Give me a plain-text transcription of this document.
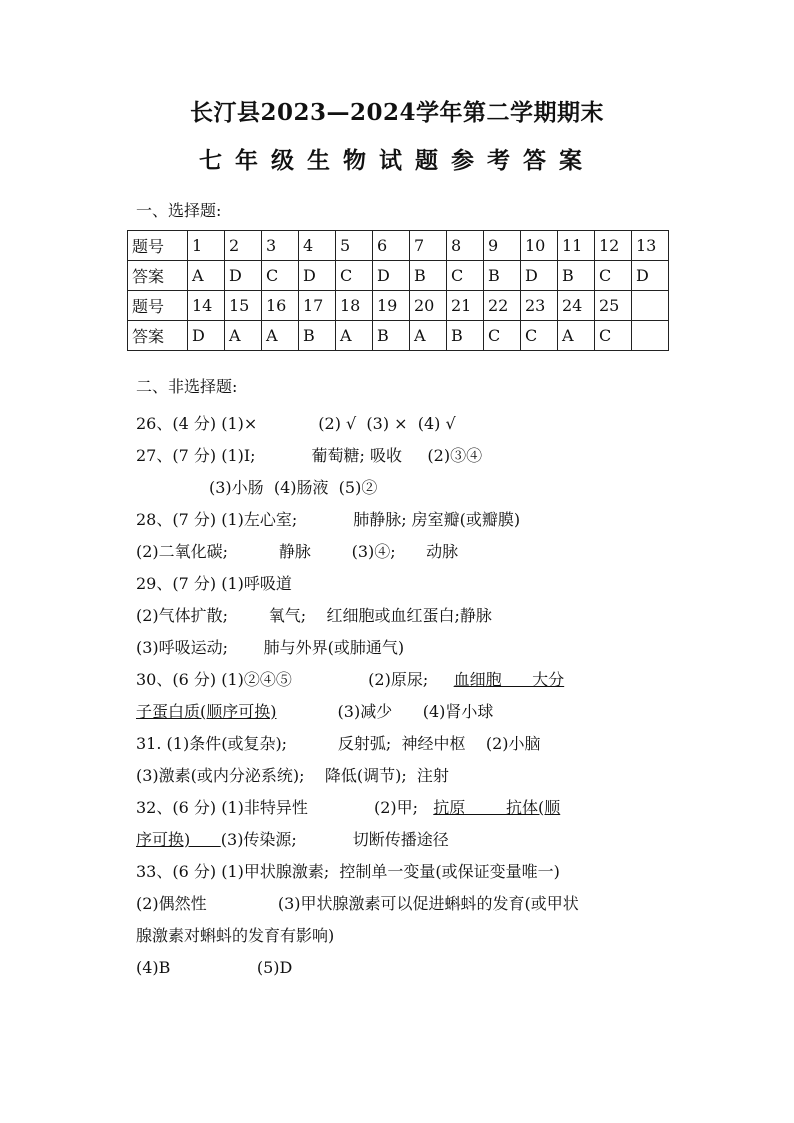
长汀县2023—2024学年第二学期期末
七年级生物试题参考答案
一、选择题:
题号	1	2	3	4	5	6	7	8	9	10	11	12	13
答案	A	D	C	D	C	D	B	C	B	D	B	C	D
题号	14	15	16	17	18	19	20	21	22	23	24	25	
答案	D	A	A	B	A	B	A	B	C	C	A	C	
二、非选择题:
26、(4 分) (1)×            (2) √  (3) ×  (4) √
27、(7 分) (1)Ⅰ;           葡萄糖; 吸收     (2)③④
(3)小肠  (4)肠液  (5)②
28、(7 分) (1)左心室;           肺静脉; 房室瓣(或瓣膜)
(2)二氧化碳;          静脉        (3)④;      动脉
29、(7 分) (1)呼吸道
(2)气体扩散;        氧气;    红细胞或血红蛋白;静脉
(3)呼吸运动;       肺与外界(或肺通气)
30、(6 分) (1)②④⑤               (2)原尿;     血细胞      大分
子蛋白质(顺序可换)            (3)减少      (4)肾小球
31. (1)条件(或复杂);          反射弧;  神经中枢    (2)小脑
(3)激素(或内分泌系统);    降低(调节);  注射
32、(6 分) (1)非特异性             (2)甲;   抗原        抗体(顺
序可换)      (3)传染源;           切断传播途径
33、(6 分) (1)甲状腺激素;  控制单一变量(或保证变量唯一)
(2)偶然性              (3)甲状腺激素可以促进蝌蚪的发育(或甲状
腺激素对蝌蚪的发育有影响)
(4)B                 (5)D
